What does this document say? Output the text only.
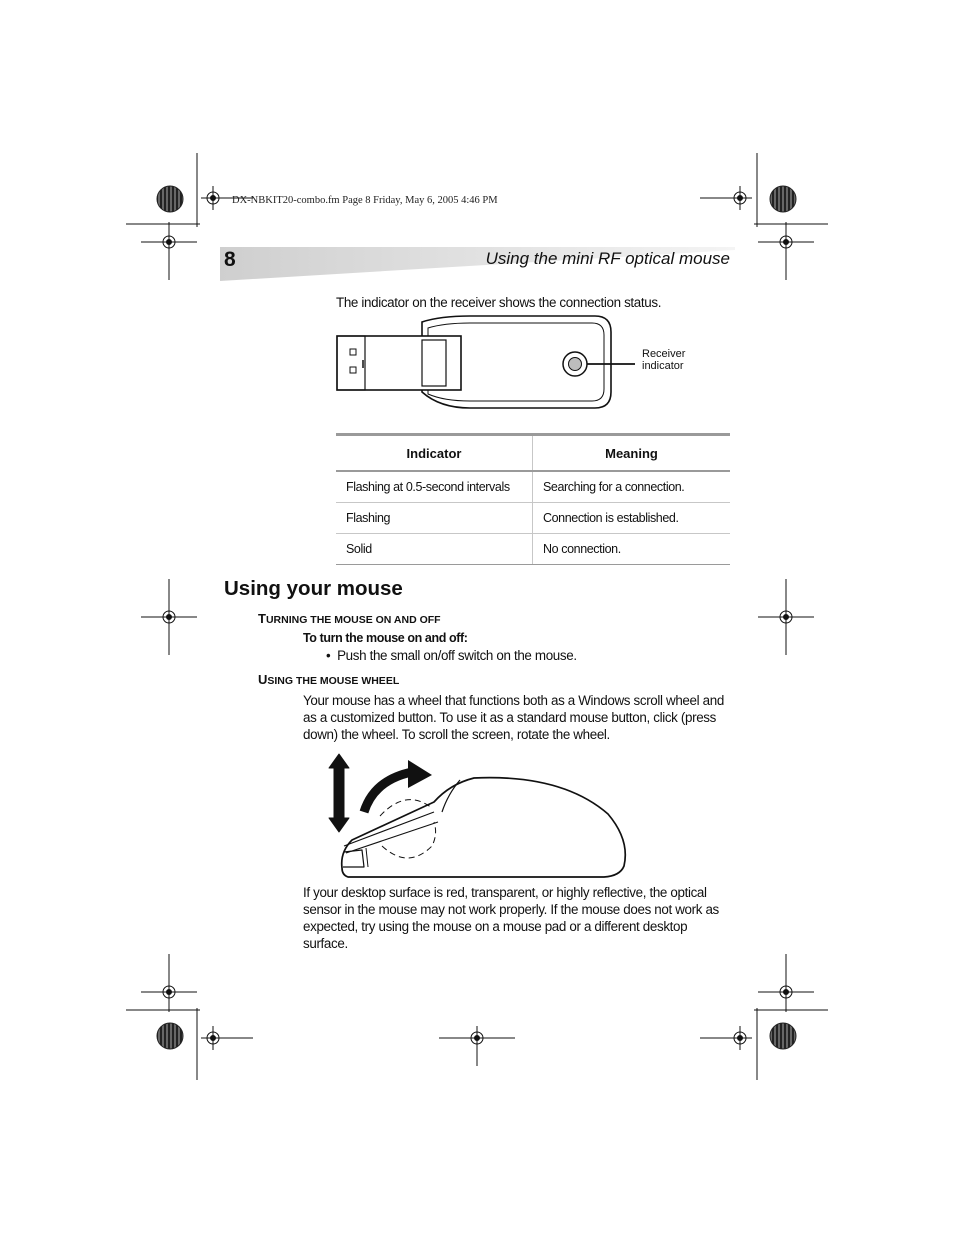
DX-NBKIT20-combo.fm Page 8 Friday, May 6, 2005 4:46 PM
8	Using the mini RF optical mouse
The indicator on the receiver shows the connection status.
Receiver
indicator
Indicator	Meaning
Flashing at 0.5-second intervals	Searching for a connection.
Flashing	Connection is established.
Solid	No connection.
Using your mouse
TURNING THE MOUSE ON AND OFF
To turn the mouse on and off:
•  Push the small on/off switch on the mouse.
USING THE MOUSE WHEEL
Your mouse has a wheel that functions both as a Windows scroll wheel and as a customized button. To use it as a standard mouse button, click (press down) the wheel. To scroll the screen, rotate the wheel.
If your desktop surface is red, transparent, or highly reflective, the optical sensor in the mouse may not work properly. If the mouse does not work as expected, try using the mouse on a mouse pad or a different desktop surface.
